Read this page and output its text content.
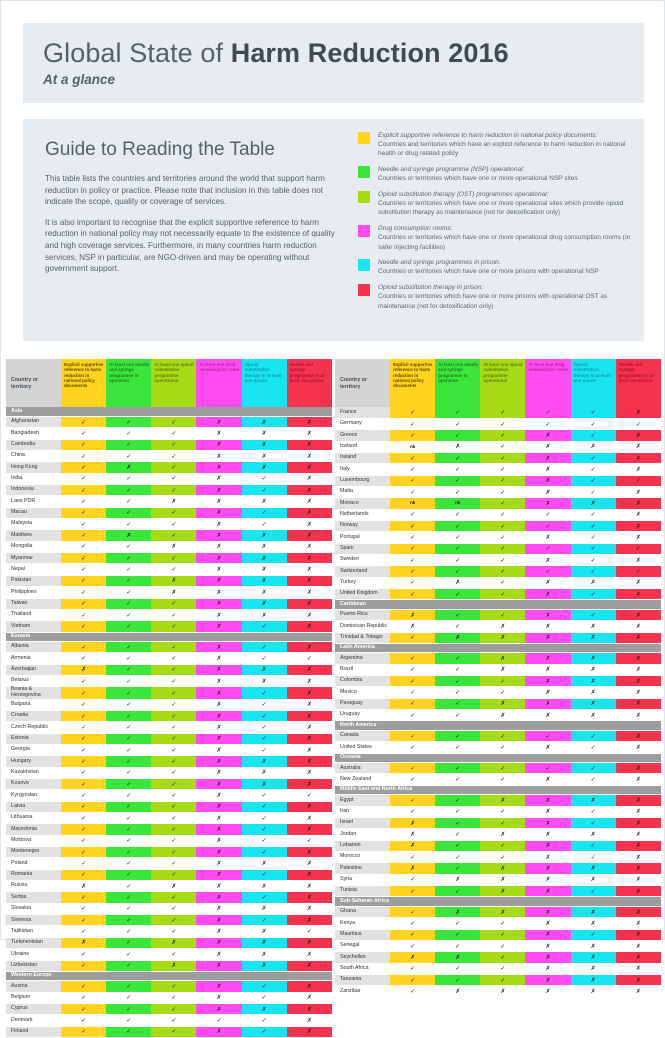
Global State of Harm Reduction 2016
At a glance
Guide to Reading the Table
This table lists the countries and territories around the world that support harm reduction in policy or practice. Please note that inclusion in this table does not indicate the scope, quality or coverage of services.
It is also important to recognise that the explicit supportive reference to harm reduction in national policy may not necessarily equate to the existence of quality and high coverage services. Furthermore, in many countries harm reduction services, NSP in particular, are NGO-driven and may be operating without government support.
Explicit supportive reference to harm reduction in national policy documents:
Countries and territories which have an explicit reference to harm reduction in national health or drug related policy
Needle and syringe programme (NSP) operational:
Countries or territories which have one or more operational NSP sites
Opioid substitution therapy (OST) programmes operational:
Countries or territories which have one or more operational sites which provide opioid substitution therapy as maintenance (not for detoxification only)
Drug consumption rooms:
Countries or territories which have one or more operational drug consumption rooms (or safer injecting facilities)
Needle and syringe programmes in prison:
Countries or territories which have one or more prisons with operational NSP
Opioid substitution therapy in prison:
Countries or territories which have one or more prisons with operational OST as maintenance (not for detoxification only)
Country or territory	Explicit supportive reference to harm reduction in national policy documents	At least one needle and syringe programme in operation	At least one opioid substitution programme operational	At least one drug consumption room	Opioid substitution therapy in at least one prison	Needle and syringe programme in at least one prison
Asia						
Afghanistan	✓	✓	✓	✗	✗	✗
Bangladesh	✓	✓	✓	✗	✗	✗
Cambodia	✓	✓	✓	✗	✗	✗
China	✓	✓	✓	✗	✗	✗
Hong Kong	✓	✗	✓	✗	✗	✗
India	✓	✓	✓	✗	✓	✗
Indonesia	✓	✓	✓	✗	✓	✗
Laos PDR	✓	✓	✗	✗	✗	✗
Macau	✓	✓	✓	✗	✓	✗
Malaysia	✓	✓	✓	✗	✓	✗
Maldives	✓	✗	✓	✗	✗	✗
Mongolia	✓	✓	✗	✗	✗	✗
Myanmar	✓	✓	✓	✗	✗	✗
Nepal	✓	✓	✓	✗	✗	✗
Pakistan	✓	✓	✗	✗	✗	✗
Philippines	✓	✓	✗	✗	✗	✗
Taiwan	✓	✓	✓	✗	✗	✗
Thailand	✓	✓	✓	✗	✗	✗
Vietnam	✓	✓	✓	✗	✓	✗
Eurasia						
Albania	✓	✓	✓	✗	✓	✗
Armenia	✓	✓	✓	✗	✓	✓
Azerbaijan	✗	✓	✓	✗	✗	✗
Belarus	✓	✓	✓	✗	✗	✗
Bosnia & Herzegovina	✓	✓	✓	✗	✓	✗
Bulgaria	✓	✓	✓	✗	✓	✗
Croatia	✓	✓	✓	✗	✓	✗
Czech Republic	✓	✓	✓	✗	✓	✗
Estonia	✓	✓	✓	✗	✓	✗
Georgia	✓	✓	✓	✗	✓	✗
Hungary	✓	✓	✓	✗	✗	✗
Kazakhstan	✓	✓	✓	✗	✗	✗
Kosovo	✓	✓	✓	✗	✗	✗
Kyrgyzstan	✓	✓	✓	✗	✓	✓
Latvia	✓	✓	✓	✗	✓	✗
Lithuania	✓	✓	✓	✗	✓	✗
Macedonia	✓	✓	✓	✗	✓	✗
Moldova	✓	✓	✓	✗	✓	✓
Montenegro	✓	✓	✓	✗	✓	✗
Poland	✓	✓	✓	✗	✗	✗
Romania	✓	✓	✓	✗	✓	✗
Russia	✗	✓	✗	✗	✗	✗
Serbia	✓	✓	✓	✗	✓	✗
Slovakia	✓	✓	✓	✗	✗	✗
Slovenia	✓	✓	✓	✗	✓	✗
Tajikistan	✓	✓	✓	✗	✗	✓
Turkmenistan	✗	✓	✗	✗	✗	✗
Ukraine	✓	✓	✓	✗	✗	✗
Uzbekistan	✓	✓	✗	✗	✗	✗
Western Europe						
Austria	✓	✓	✓	✗	✓	✗
Belgium	✓	✓	✓	✗	✓	✗
Cyprus	✓	✓	✓	✗	✗	✗
Denmark	✓	✓	✓	✓	✓	✗
Finland	✓	✓	✓	✗	✓	✗
Country or territory	Explicit supportive reference to harm reduction in national policy documents	At least one needle and syringe programme in operation	At least one opioid substitution programme operational	At least one drug consumption room	Opioid substitution therapy in at least one prison	Needle and syringe programme in at least one prison
France	✓	✓	✓	✓	✓	✗
Germany	✓	✓	✓	✓	✓	✓
Greece	✓	✓	✓	✗	✓	✗
Iceland	nk	✗	✓	✗	✗	✗
Ireland	✓	✓	✓	✗	✓	✗
Italy	✓	✓	✓	✗	✓	✗
Luxembourg	✓	✓	✓	✗	✓	✓
Malta	✓	✓	✓	✗	✓	✗
Monaco	nk	nk	✓	✗	✗	✗
Netherlands	✓	✓	✓	✓	✓	✗
Norway	✓	✓	✓	✓	✓	✗
Portugal	✓	✓	✓	✗	✓	✗
Spain	✓	✓	✓	✓	✓	✓
Sweden	✓	✓	✓	✗	✓	✗
Switzerland	✓	✓	✓	✓	✓	✓
Turkey	✓	✗	✓	✗	✗	✗
United Kingdom	✓	✓	✓	✗	✓	✗
Caribbean						
Puerto Rico	✗	✓	✓	✗	✓	✗
Dominican Republic	✗	✓	✗	✗	✗	✗
Trinidad & Tobago	✓	✗	✗	✗	✗	✗
Latin America						
Argentina	✓	✓	✗	✗	✗	✗
Brazil	✓	✓	✗	✗	✗	✗
Colombia	✓	✓	✓	✗	✗	✗
Mexico	✓	✓	✓	✗	✗	✗
Paraguay	✓	✓	✗	✗	✗	✗
Uruguay	✓	✓	✗	✗	✗	✗
North America						
Canada	✓	✓	✓	✓	✓	✗
United States	✓	✓	✓	✗	✓	✗
Oceania						
Australia	✓	✓	✓	✓	✓	✗
New Zealand	✓	✓	✓	✗	✓	✗
Middle East and North Africa						
Egypt	✓	✓	✗	✗	✗	✗
Iran	✓	✓	✓	✗	✓	✗
Israel	✗	✓	✓	✗	✓	✗
Jordan	✗	✓	✗	✗	✗	✗
Lebanon	✗	✓	✓	✗	✓	✗
Morocco	✓	✓	✓	✗	✓	✗
Palestine	✗	✓	✗	✗	✗	✗
Syria	✓	✗	✗	✗	✗	✗
Tunisia	✓	✓	✗	✗	✓	✗
Sub-Saharan Africa						
Ghana	✓	✗	✗	✗	✗	✗
Kenya	✓	✓	✓	✗	✗	✗
Mauritius	✓	✓	✓	✗	✓	✗
Senegal	✓	✓	✓	✗	✗	✗
Seychelles	✗	✗	✓	✗	✗	✗
South Africa	✓	✓	✓	✗	✗	✗
Tanzania	✓	✓	✓	✗	✗	✗
Zanzibar	✓	✗	✗	✗	✗	✗
